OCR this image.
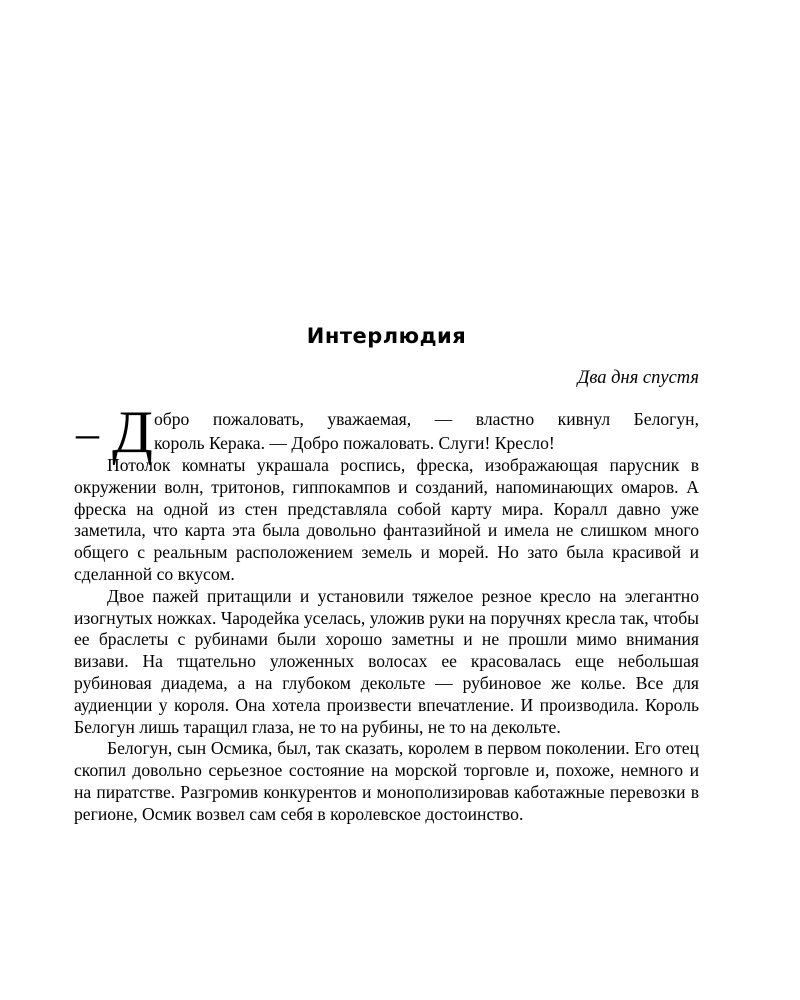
Интерлюдия

Два дня спустя

– Д обро пожаловать, уважаемая, — властно кивнул Белогун,
король Керака. — Добро пожаловать. Слуги! Кресло!

Потолок комнаты украшала роспись, фреска, изображающая парусник в окружении волн, тритонов, гиппокампов и созданий, напоминающих омаров. А фреска на одной из стен представляла собой карту мира. Коралл давно уже заметила, что карта эта была довольно фантазийной и имела не слишком много общего с реальным расположением земель и морей. Но зато была красивой и сделанной со вкусом.

Двое пажей притащили и установили тяжелое резное кресло на элегантно изогнутых ножках. Чародейка уселась, уложив руки на поручнях кресла так, чтобы ее браслеты с рубинами были хорошо заметны и не прошли мимо внимания визави. На тщательно уложенных волосах ее красовалась еще небольшая рубиновая диадема, а на глубоком декольте — рубиновое же колье. Все для аудиенции у короля. Она хотела произвести впечатление. И производила. Король Белогун лишь таращил глаза, не то на рубины, не то на декольте.

Белогун, сын Осмика, был, так сказать, королем в первом поколении. Его отец скопил довольно серьезное состояние на морской торговле и, похоже, немного и на пиратстве. Разгромив конкурентов и монополизировав каботажные перевозки в регионе, Осмик возвел сам себя в королевское достоинство.
